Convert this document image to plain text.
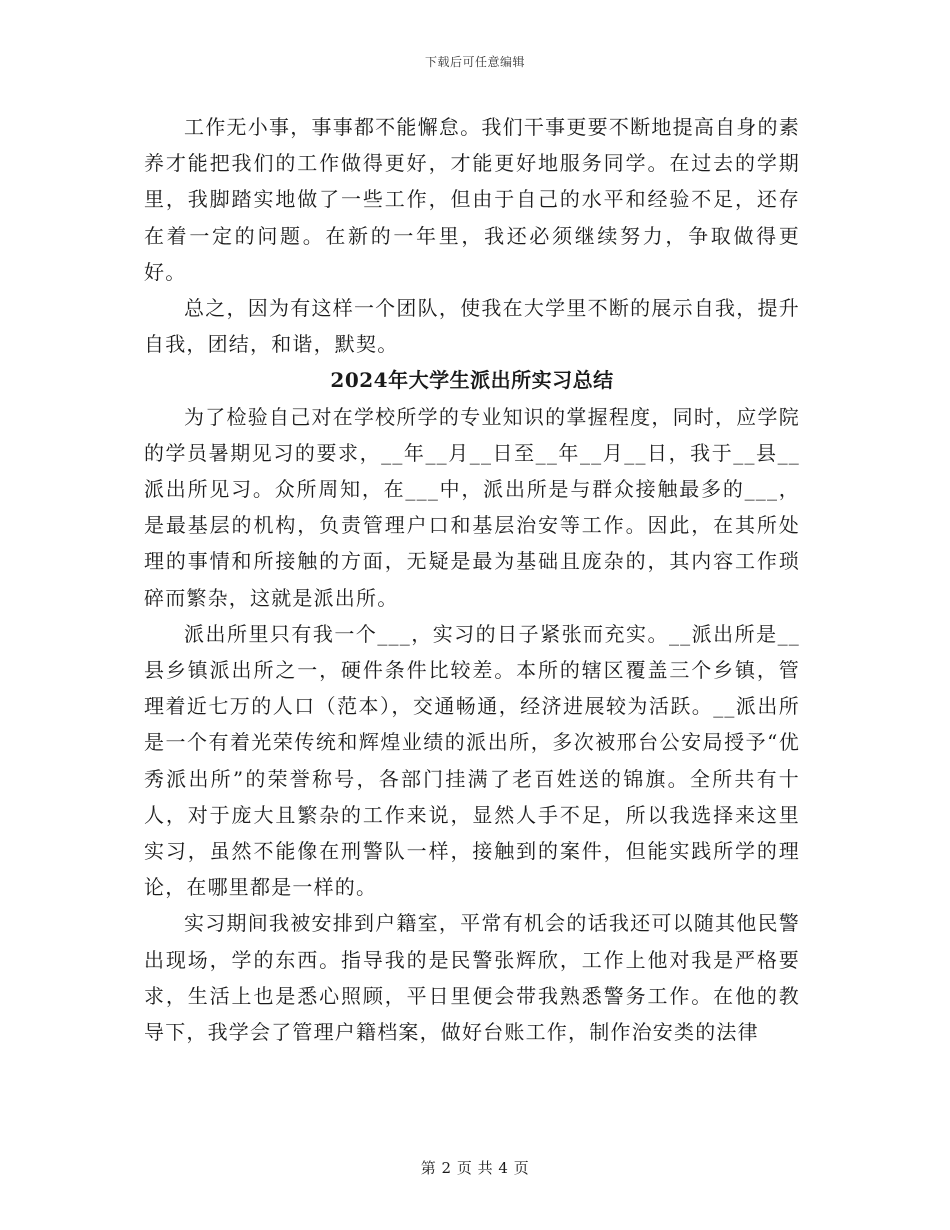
下载后可任意编辑

工作无小事，事事都不能懈怠。我们干事更要不断地提高自身的素养才能把我们的工作做得更好，才能更好地服务同学。在过去的学期里，我脚踏实地做了一些工作，但由于自己的水平和经验不足，还存在着一定的问题。在新的一年里，我还必须继续努力，争取做得更好。

总之，因为有这样一个团队，使我在大学里不断的展示自我，提升自我，团结，和谐，默契。

2024年大学生派出所实习总结

为了检验自己对在学校所学的专业知识的掌握程度，同时，应学院的学员暑期见习的要求，__年__月__日至__年__月__日，我于__县__派出所见习。众所周知，在___中，派出所是与群众接触最多的___，是最基层的机构，负责管理户口和基层治安等工作。因此，在其所处理的事情和所接触的方面，无疑是最为基础且庞杂的，其内容工作琐碎而繁杂，这就是派出所。

派出所里只有我一个___，实习的日子紧张而充实。__派出所是__县乡镇派出所之一，硬件条件比较差。本所的辖区覆盖三个乡镇，管理着近七万的人口（范本），交通畅通，经济进展较为活跃。__派出所是一个有着光荣传统和辉煌业绩的派出所，多次被邢台公安局授予“优秀派出所”的荣誉称号，各部门挂满了老百姓送的锦旗。全所共有十人，对于庞大且繁杂的工作来说，显然人手不足，所以我选择来这里实习，虽然不能像在刑警队一样，接触到的案件，但能实践所学的理论，在哪里都是一样的。

实习期间我被安排到户籍室，平常有机会的话我还可以随其他民警出现场，学的东西。指导我的是民警张辉欣，工作上他对我是严格要求，生活上也是悉心照顾，平日里便会带我熟悉警务工作。在他的教导下，我学会了管理户籍档案，做好台账工作，制作治安类的法律

第 2 页 共 4 页
